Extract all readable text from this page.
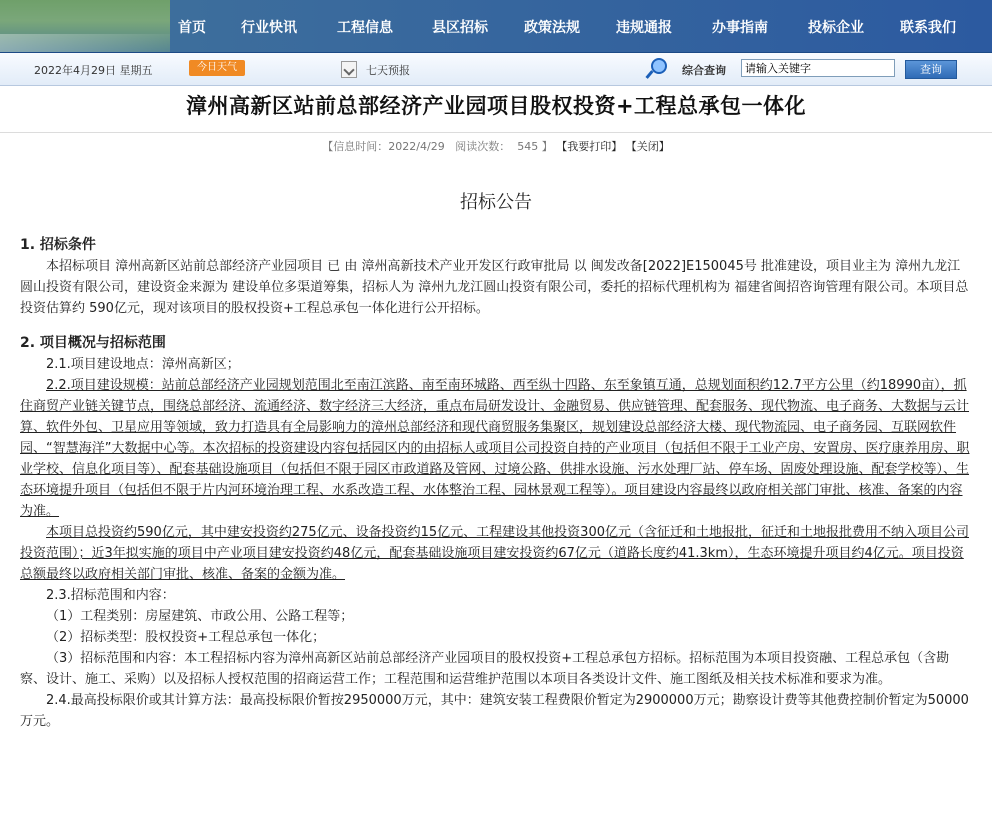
首页	行业快讯	工程信息	县区招标	政策法规	违规通报	办事指南	投标企业	联系我们
2022年4月29日 星期五	今日天气	七天预报	综合查询
请输入关键字	查询
漳州高新区站前总部经济产业园项目股权投资+工程总承包一体化
【信息时间：2022/4/29 阅读次数： 545 】 【我要打印】 【关闭】
招标公告

1. 招标条件

本招标项目 漳州高新区站前总部经济产业园项目 已 由 漳州高新技术产业开发区行政审批局 以 闽发改备[2022]E150045号 批准建设，项目业主为 漳州九龙江圆山投资有限公司，建设资金来源为 建设单位多渠道筹集，招标人为 漳州九龙江圆山投资有限公司，委托的招标代理机构为 福建省闽招咨询管理有限公司。本项目总投资估算约 590亿元，现对该项目的股权投资+工程总承包一体化进行公开招标。

2. 项目概况与招标范围

2.1.项目建设地点：漳州高新区；

2.2.项目建设规模：站前总部经济产业园规划范围北至南江滨路、南至南环城路、西至纵十四路、东至象镇互通，总规划面积约12.7平方公里（约18990亩），抓住商贸产业链关键节点，围绕总部经济、流通经济、数字经济三大经济，重点布局研发设计、金融贸易、供应链管理、配套服务、现代物流、电子商务、大数据与云计算、软件外包、卫星应用等领域，致力打造具有全局影响力的漳州总部经济和现代商贸服务集聚区，规划建设总部经济大楼、现代物流园、电子商务园、互联网软件园、“智慧海洋”大数据中心等。本次招标的投资建设内容包括园区内的由招标人或项目公司投资自持的产业项目（包括但不限于工业产房、安置房、医疗康养用房、职业学校、信息化项目等）、配套基础设施项目（包括但不限于园区市政道路及管网、过境公路、供排水设施、污水处理厂站、停车场、固废处理设施、配套学校等）、生态环境提升项目（包括但不限于片内河环境治理工程、水系改造工程、水体整治工程、园林景观工程等）。项目建设内容最终以政府相关部门审批、核准、备案的内容为准。

本项目总投资约590亿元，其中建安投资约275亿元、设备投资约15亿元、工程建设其他投资300亿元（含征迁和土地报批，征迁和土地报批费用不纳入项目公司投资范围）；近3年拟实施的项目中产业项目建安投资约48亿元，配套基础设施项目建安投资约67亿元（道路长度约41.3km），生态环境提升项目约4亿元。项目投资总额最终以政府相关部门审批、核准、备案的金额为准。

2.3.招标范围和内容：

（1）工程类别：房屋建筑、市政公用、公路工程等；

（2）招标类型：股权投资+工程总承包一体化；

（3）招标范围和内容：本工程招标内容为漳州高新区站前总部经济产业园项目的股权投资+工程总承包方招标。招标范围为本项目投资融、工程总承包（含勘察、设计、施工、采购）以及招标人授权范围的招商运营工作；工程范围和运营维护范围以本项目各类设计文件、施工图纸及相关技术标准和要求为准。

2.4.最高投标限价或其计算方法：最高投标限价暂按2950000万元，其中：建筑安装工程费限价暂定为2900000万元；勘察设计费等其他费控制价暂定为50000万元。
